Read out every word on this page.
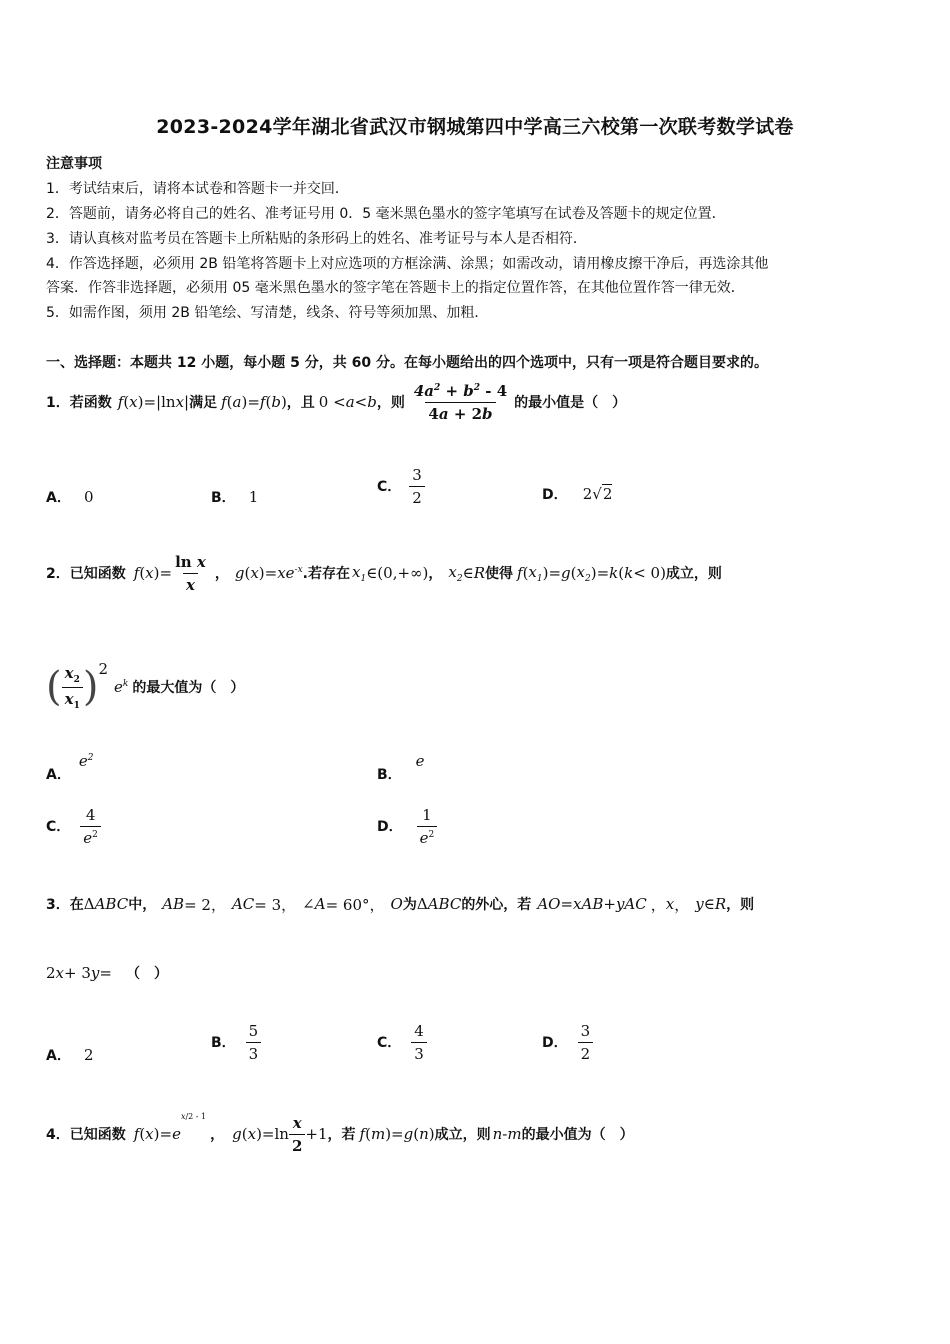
2023-2024学年湖北省武汉市钢城第四中学高三六校第一次联考数学试卷
注意事项
1．考试结束后，请将本试卷和答题卡一并交回．
2．答题前，请务必将自己的姓名、准考证号用 0．5 毫米黑色墨水的签字笔填写在试卷及答题卡的规定位置．
3．请认真核对监考员在答题卡上所粘贴的条形码上的姓名、准考证号与本人是否相符．
4．作答选择题，必须用 2B 铅笔将答题卡上对应选项的方框涂满、涂黑；如需改动，请用橡皮擦干净后，再选涂其他
答案．作答非选择题，必须用 05 毫米黑色墨水的签字笔在答题卡上的指定位置作答，在其他位置作答一律无效．
5．如需作图，须用 2B 铅笔绘、写清楚，线条、符号等须加黑、加粗．
一、选择题：本题共 12 小题，每小题 5 分，共 60 分。在每小题给出的四个选项中，只有一项是符合题目要求的。
1．若函数 f ( x )=|ln x | 满足 f ( a )= f ( b ) ，且 0 < a < b ，则 $\frac{4a^2 + b^2 - 4}{4a + 2b}$ 的最小值是（　）
A． 0	B． 1
C． $\frac{3}{2}$	D． 2√2
2．已知函数 f ( x )= $\frac{\text{ln x}}{x}$ ， g ( x )= $xe^{-x}$ .若存在 $x_1$ ∈(0,+∞) ， $x_2$ ∈ R 使得 f ( $x_1$ )= g ( $x_2$ )= k ( k < 0) 成立，则
( $\frac{x_2}{x_1}$ ) 2
$e^k$ 的最大值为（　）
A．
$e^2$
B．
e
C． $\frac{4}{e^2}$	D． $\frac{1}{e^2}$
3．在 Δ ABC 中， AB = 2， AC = 3， ∠ A = 60°， O 为 Δ ABC 的外心，若 AO = xAB + yAC ， x ， y ∈ R ，则
2 x + 3 y = （　）
A． 2
B． $\frac{5}{3}$	C． $\frac{4}{3}$	D． $\frac{3}{2}$
4．已知函数 f ( x )= e
x/2 - 1
， g ( x )$=\ln \frac{x}{2} +1$ ，若 f ( m )= g ( n ) 成立，则 n - m 的最小值为（　）
